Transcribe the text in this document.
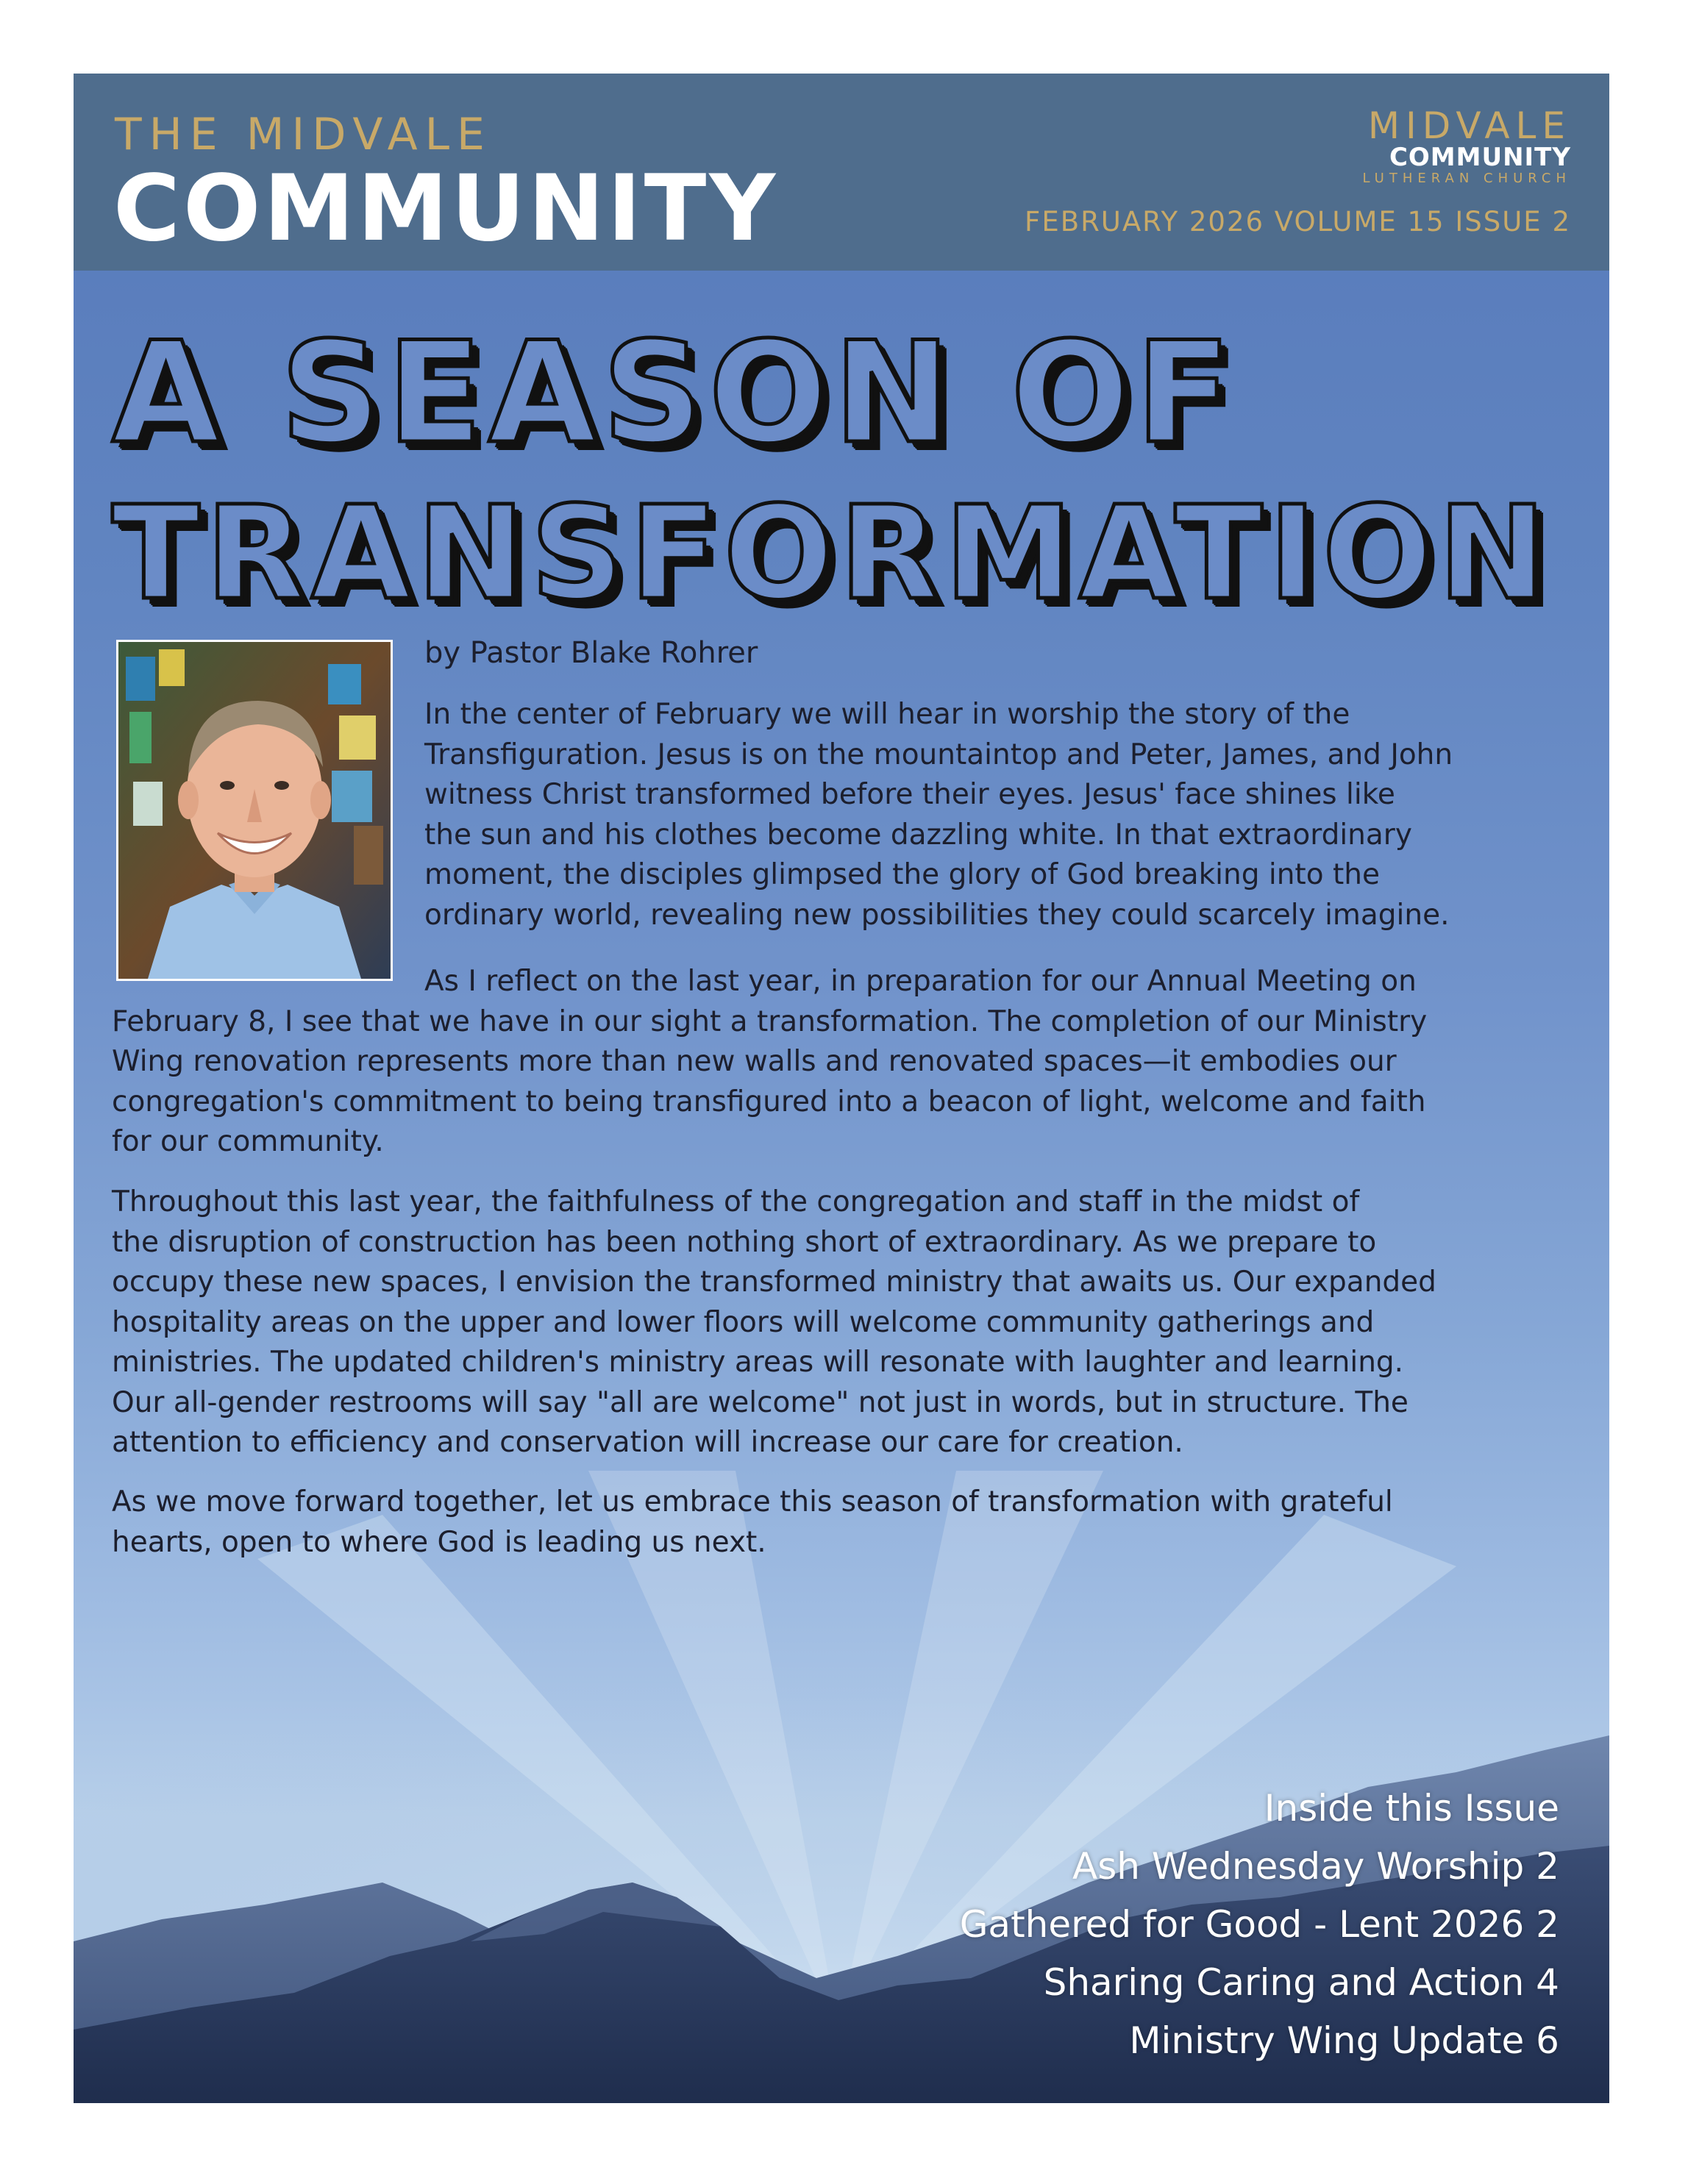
THE MIDVALE
COMMUNITY
MIDVALE
COMMUNITY
LUTHERAN CHURCH
FEBRUARY 2026 VOLUME 15 ISSUE 2
A SEASON OF
TRANSFORMATION
by Pastor Blake Rohrer

In the center of February we will hear in worship the story of the
Transfiguration. Jesus is on the mountaintop and Peter, James, and John
witness Christ transformed before their eyes. Jesus' face shines like
the sun and his clothes become dazzling white. In that extraordinary
moment, the disciples glimpsed the glory of God breaking into the
ordinary world, revealing new possibilities they could scarcely imagine.

As I reflect on the last year, in preparation for our Annual Meeting on
February 8, I see that we have in our sight a transformation. The completion of our Ministry
Wing renovation represents more than new walls and renovated spaces—it embodies our
congregation's commitment to being transfigured into a beacon of light, welcome and faith
for our community.

Throughout this last year, the faithfulness of the congregation and staff in the midst of
the disruption of construction has been nothing short of extraordinary. As we prepare to
occupy these new spaces, I envision the transformed ministry that awaits us. Our expanded
hospitality areas on the upper and lower floors will welcome community gatherings and
ministries. The updated children's ministry areas will resonate with laughter and learning.
Our all-gender restrooms will say "all are welcome" not just in words, but in structure. The
attention to efficiency and conservation will increase our care for creation.

As we move forward together, let us embrace this season of transformation with grateful
hearts, open to where God is leading us next.

Inside this Issue
Ash Wednesday Worship 2
Gathered for Good - Lent 2026 2
Sharing Caring and Action 4
Ministry Wing Update 6
